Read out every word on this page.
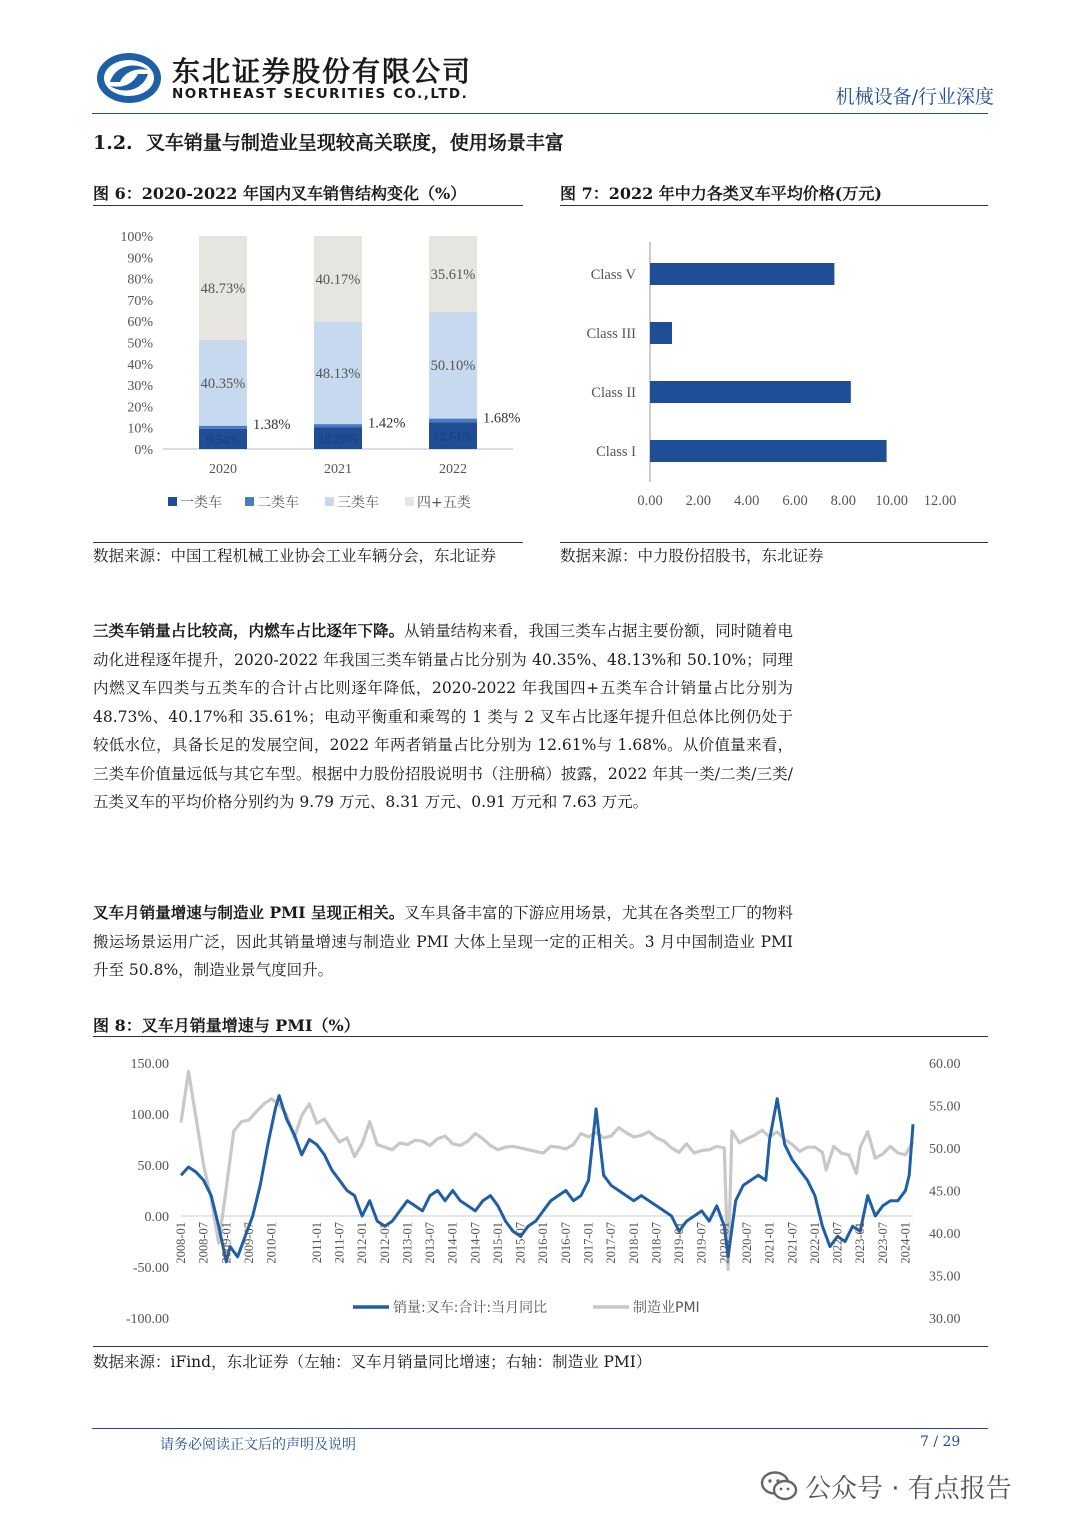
东北证券股份有限公司
NORTHEAST SECURITIES CO.,LTD.	机械设备/行业深度
1.2.  叉车销量与制造业呈现较高关联度，使用场景丰富
图 6：2020-2022 年国内叉车销售结构变化（%）
0%
10%
20%
30%
40%
50%
60%
70%
80%
90%
100%
9.54%
1.38%
40.35%
48.73%
2020
10.28%
1.42%
48.13%
40.17%
2021
12.61%
1.68%
50.10%
35.61%
2022
一类车	二类车	三类车	四+五类
数据来源：中国工程机械工业协会工业车辆分会，东北证券
图 7：2022 年中力各类叉车平均价格(万元)
Class V
Class III
Class II
Class I
0.00 2.00 4.00 6.00 8.00 10.00 12.00
数据来源：中力股份招股书，东北证券
三类车销量占比较高，内燃车占比逐年下降。从销量结构来看，我国三类车占据主要份额，同时随着电动化进程逐年提升，2020-2022 年我国三类车销量占比分别为 40.35%、48.13%和 50.10%；同理内燃叉车四类与五类车的合计占比则逐年降低，2020-2022 年我国四+五类车合计销量占比分别为 48.73%、40.17%和 35.61%；电动平衡重和乘驾的 1 类与 2 叉车占比逐年提升但总体比例仍处于较低水位，具备长足的发展空间，2022 年两者销量占比分别为 12.61%与 1.68%。从价值量来看，三类车价值量远低与其它车型。根据中力股份招股说明书（注册稿）披露，2022 年其一类/二类/三类/五类叉车的平均价格分别约为 9.79 万元、8.31 万元、0.91 万元和 7.63 万元。
叉车月销量增速与制造业 PMI 呈现正相关。叉车具备丰富的下游应用场景，尤其在各类型工厂的物料搬运场景运用广泛，因此其销量增速与制造业 PMI 大体上呈现一定的正相关。3 月中国制造业 PMI 升至 50.8%，制造业景气度回升。
图 8：叉车月销量增速与 PMI（%）
-100.00
-50.00
0.00
50.00
100.00
150.00
30.00
35.00
40.00
45.00
50.00
55.00
60.00
2008-01 2008-07 2009-01 2009-07 2010-01	2011-01 2011-07 2012-01 2012-07 2013-01 2013-07 2014-01 2014-07 2015-01 2015-07 2016-01 2016-07 2017-01 2017-07 2018-01 2018-07 2019-01 2019-07 2020-01 2020-07 2021-01 2021-07 2022-01 2022-07 2023-01 2023-07 2024-01
销量:叉车:合计:当月同比	制造业PMI
数据来源：iFind，东北证券（左轴：叉车月销量同比增速；右轴：制造业 PMI）
请务必阅读正文后的声明及说明	7 / 29
公众号 · 有点报告
